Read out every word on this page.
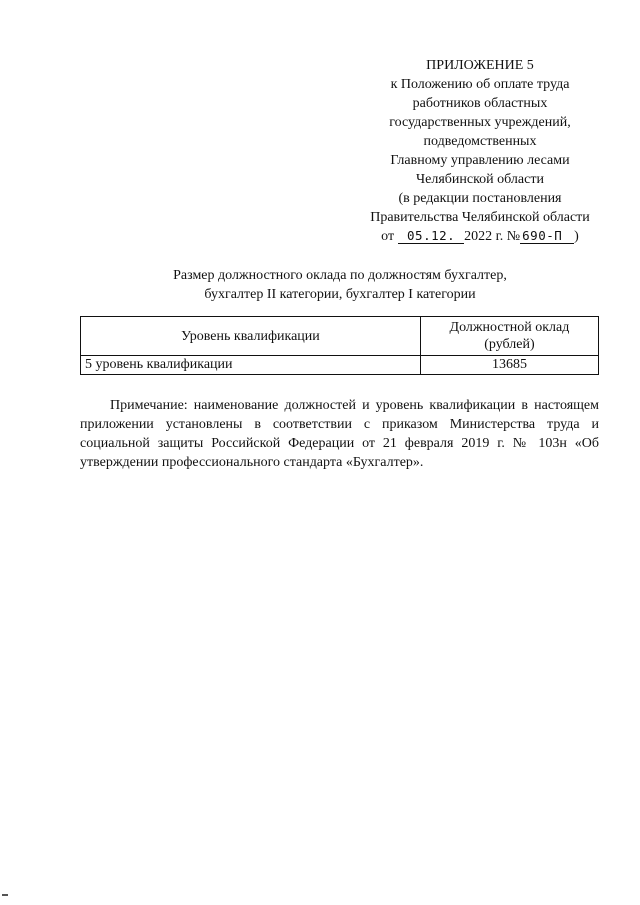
ПРИЛОЖЕНИЕ 5
к Положению об оплате труда
работников областных
государственных учреждений,
подведомственных
Главному управлению лесами
Челябинской области
(в редакции постановления
Правительства Челябинской области
от 05.12. 2022 г. № 690-П )
Размер должностного оклада по должностям бухгалтер,
бухгалтер II категории, бухгалтер I категории
Уровень квалификации	Должностной оклад (рублей)
5 уровень квалификации	13685

Примечание: наименование должностей и уровень квалификации в настоящем приложении установлены в соответствии с приказом Министерства труда и социальной защиты Российской Федерации от 21 февраля 2019 г. № 103н «Об утверждении профессионального стандарта «Бухгалтер».
